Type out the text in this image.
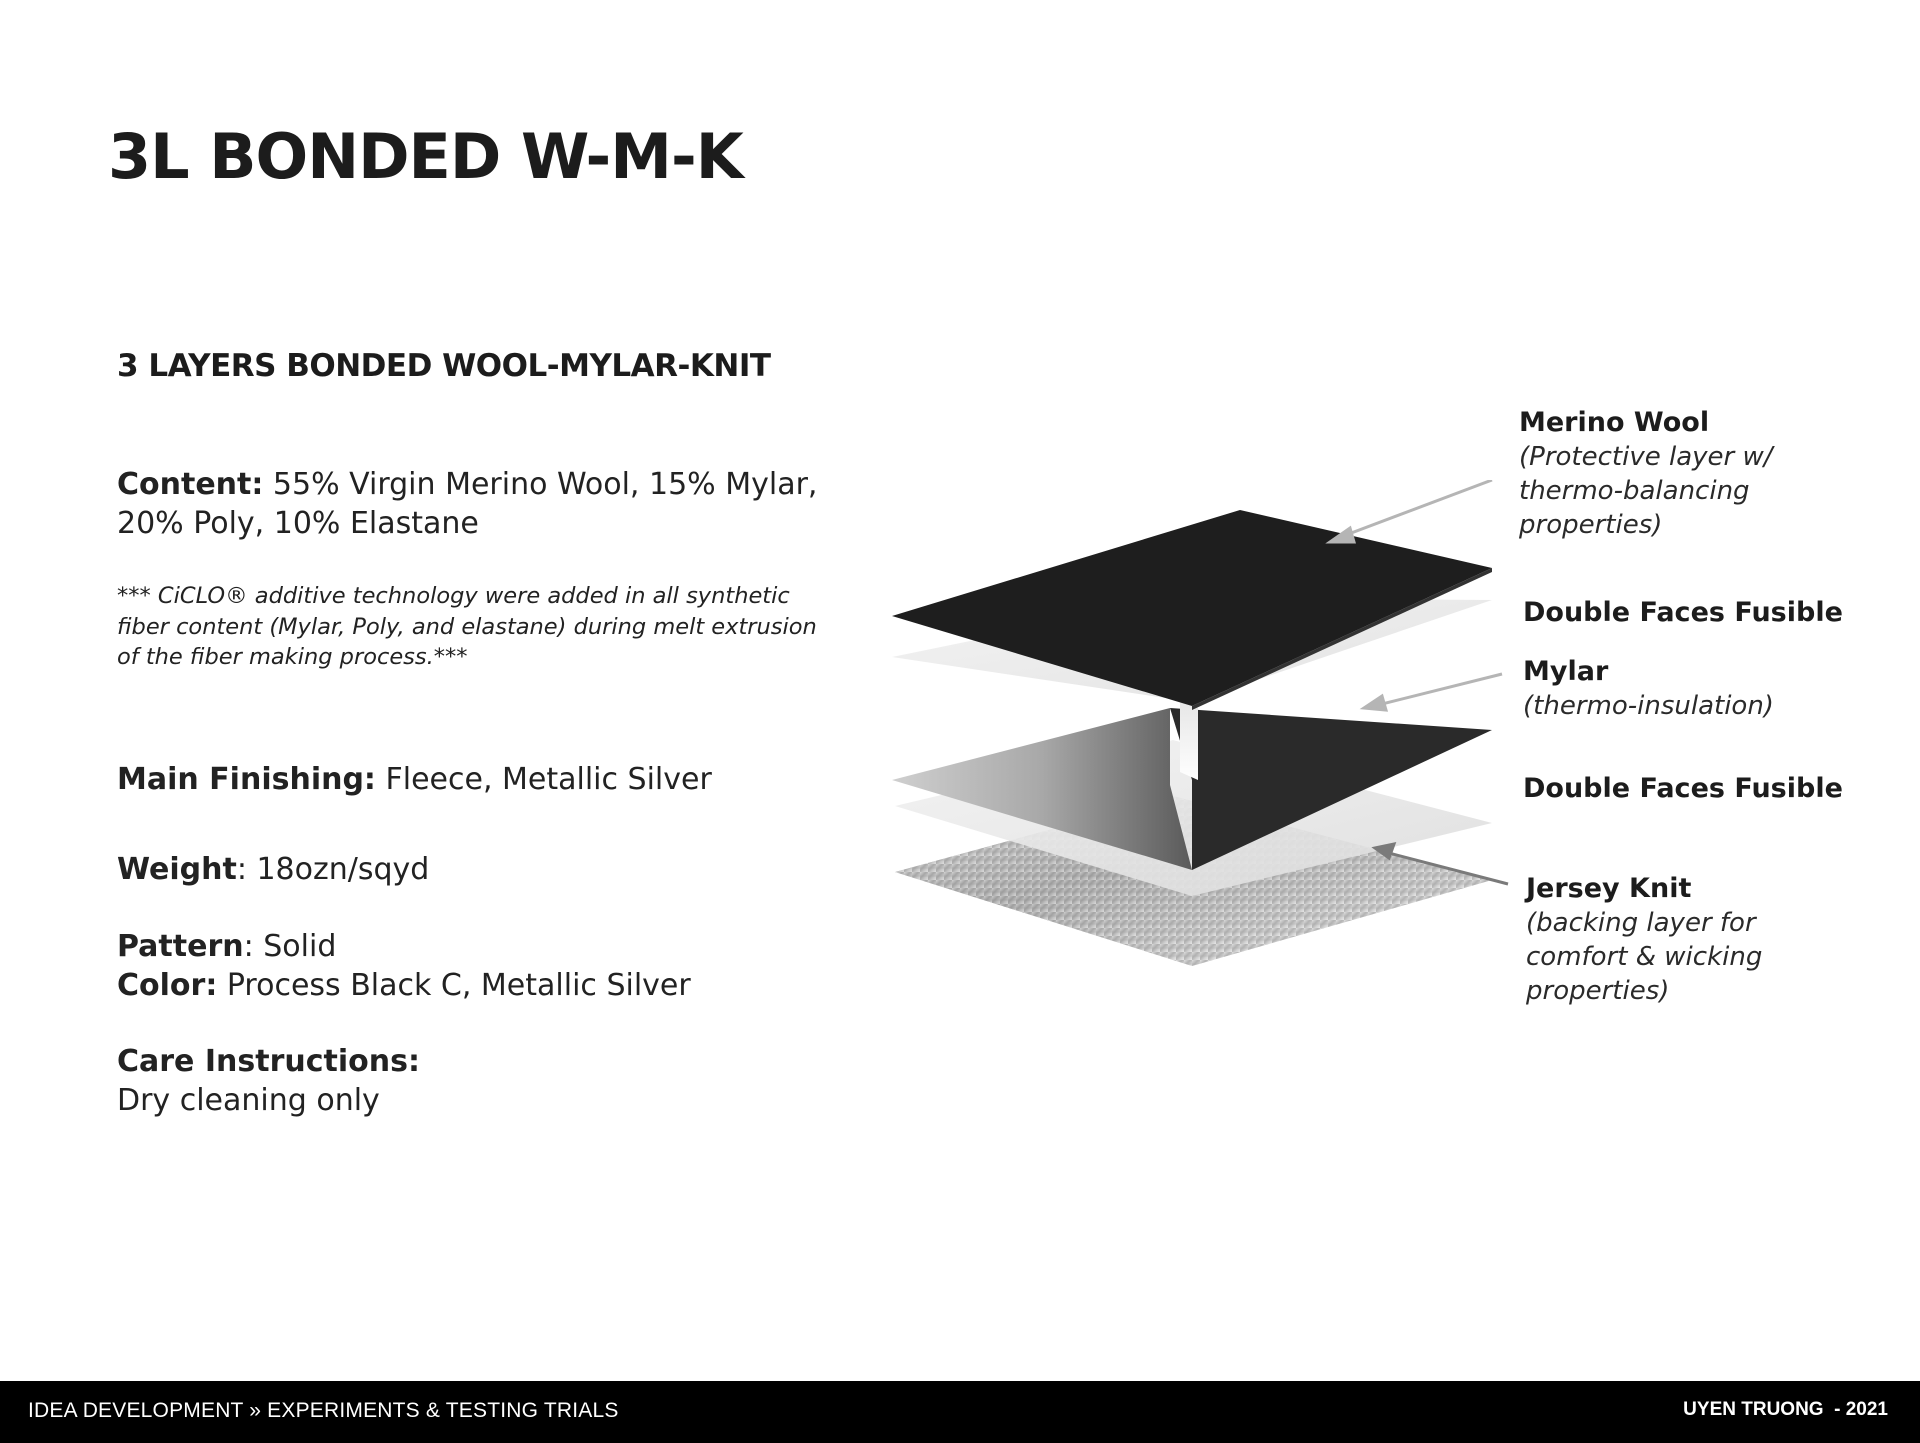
3L BONDED W-M-K
3 LAYERS BONDED WOOL-MYLAR-KNIT
Content: 55% Virgin Merino Wool, 15% Mylar,
20% Poly, 10% Elastane
*** CiCLO® additive technology were added in all synthetic
fiber content (Mylar, Poly, and elastane) during melt extrusion
of the fiber making process.***
Main Finishing: Fleece, Metallic Silver
Weight: 18ozn/sqyd
Pattern: Solid
Color: Process Black C, Metallic Silver
Care Instructions:
Dry cleaning only
Merino Wool
(Protective layer w/
thermo-balancing
properties)
Double Faces Fusible
Mylar
(thermo-insulation)
Double Faces Fusible
Jersey Knit
(backing layer for
comfort & wicking
properties)
IDEA DEVELOPMENT » EXPERIMENTS & TESTING TRIALS	UYEN TRUONG  - 2021
